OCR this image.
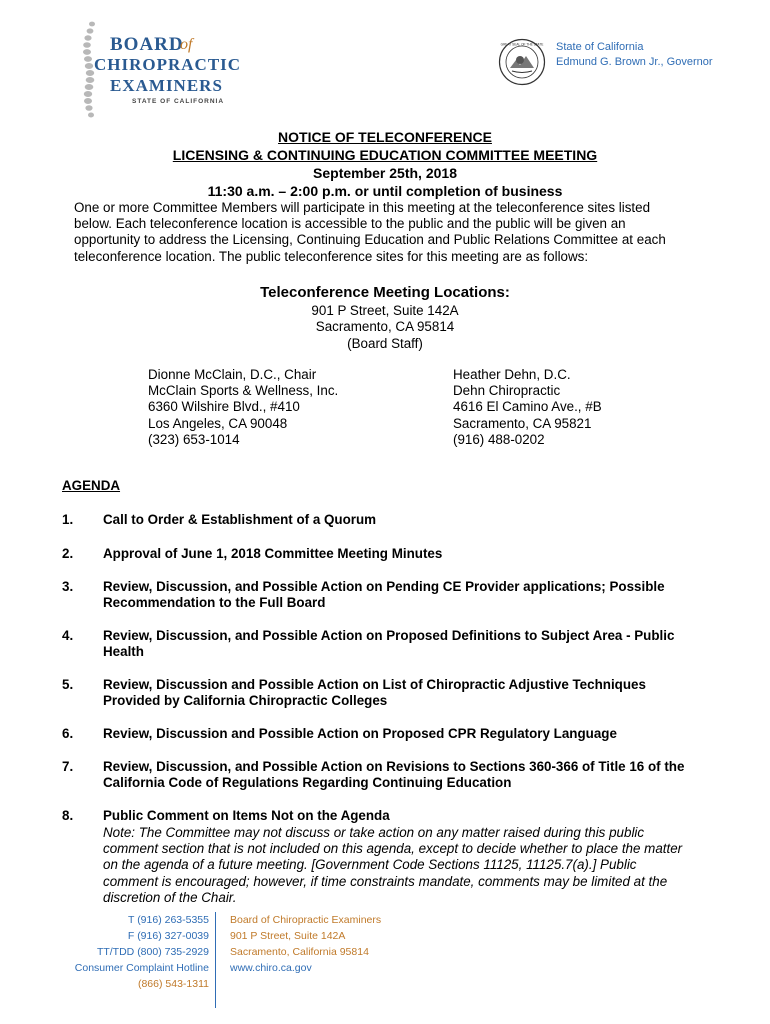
BOARD
of
CHIROPRACTIC
EXAMINERS
STATE OF CALIFORNIA
GREAT SEAL OF THE STATE State of California
Edmund G. Brown Jr., Governor
NOTICE OF TELECONFERENCE
LICENSING & CONTINUING EDUCATION COMMITTEE MEETING
September 25th, 2018
11:30 a.m. – 2:00 p.m. or until completion of business
One or more Committee Members will participate in this meeting at the teleconference sites listed
below. Each teleconference location is accessible to the public and the public will be given an
opportunity to address the Licensing, Continuing Education and Public Relations Committee at each
teleconference location. The public teleconference sites for this meeting are as follows:
Teleconference Meeting Locations:
901 P Street, Suite 142A
Sacramento, CA 95814
(Board Staff)
Dionne McClain, D.C., Chair
McClain Sports & Wellness, Inc.
6360 Wilshire Blvd., #410
Los Angeles, CA 90048
(323) 653-1014
Heather Dehn, D.C.
Dehn Chiropractic
4616 El Camino Ave., #B
Sacramento, CA 95821
(916) 488-0202
AGENDA
1. Call to Order & Establishment of a Quorum
2. Approval of June 1, 2018 Committee Meeting Minutes
3. Review, Discussion, and Possible Action on Pending CE Provider applications; Possible
Recommendation to the Full Board
4. Review, Discussion, and Possible Action on Proposed Definitions to Subject Area - Public
Health
5. Review, Discussion and Possible Action on List of Chiropractic Adjustive Techniques
Provided by California Chiropractic Colleges
6. Review, Discussion and Possible Action on Proposed CPR Regulatory Language
7. Review, Discussion, and Possible Action on Revisions to Sections 360-366 of Title 16 of the
California Code of Regulations Regarding Continuing Education
8. Public Comment on Items Not on the Agenda
Note: The Committee may not discuss or take action on any matter raised during this public
comment section that is not included on this agenda, except to decide whether to place the matter
on the agenda of a future meeting. [Government Code Sections 11125, 11125.7(a).] Public
comment is encouraged; however, if time constraints mandate, comments may be limited at the
discretion of the Chair.
T (916) 263-5355
F (916) 327-0039
TT/TDD (800) 735-2929
Consumer Complaint Hotline
(866) 543-1311
Board of Chiropractic Examiners
901 P Street, Suite 142A
Sacramento, California 95814
www.chiro.ca.gov
